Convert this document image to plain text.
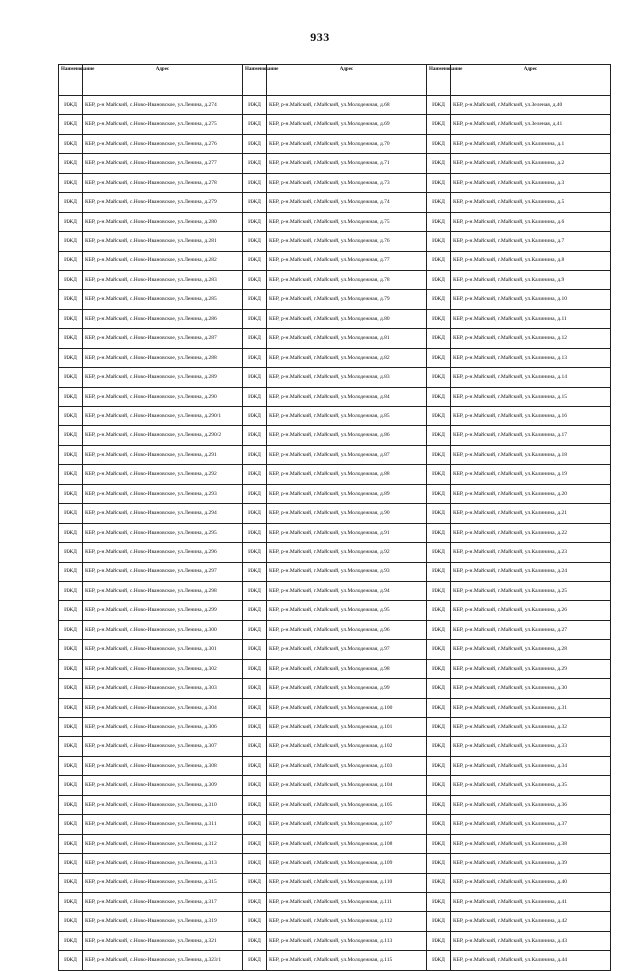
933
Наименование	Адрес	Наименование	Адрес	Наименование	Адрес
ИЖД	КБР, р-н Майский, с.Ново-Ивановское, ул.Ленина, д.274	ИЖД	КБР, р-н.Майский, г.Майский, ул.Молодежная, д.68	ИЖД	КБР, р-н.Майский, г.Майский, ул.Зеленая, д.40
ИЖД	КБР, р-н.Майский, с.Ново-Ивановское, ул.Ленина, д.275	ИЖД	КБР, р-н.Майский, г.Майский, ул.Молодежная, д.69	ИЖД	КБР, р-н.Майский, г.Майский, ул.Зеленая, д.41
ИЖД	КБР, р-н.Майский, с.Ново-Ивановское, ул.Ленина, д.276	ИЖД	КБР, р-н.Майский, г.Майский, ул.Молодежная, д.70	ИЖД	КБР, р-н.Майский, г.Майский, ул.Калинина, д.1
ИЖД	КБР, р-н.Майский, с.Ново-Ивановское, ул.Ленина, д.277	ИЖД	КБР, р-н.Майский, г.Майский, ул.Молодежная, д.71	ИЖД	КБР, р-н.Майский, г.Майский, ул.Калинина, д.2
ИЖД	КБР, р-н.Майский, с.Ново-Ивановское, ул.Ленина, д.278	ИЖД	КБР, р-н.Майский, г.Майский, ул.Молодежная, д.73	ИЖД	КБР, р-н.Майский, г.Майский, ул.Калинина, д.3
ИЖД	КБР, р-н.Майский, с.Ново-Ивановское, ул.Ленина, д.279	ИЖД	КБР, р-н.Майский, г.Майский, ул.Молодежная, д.74	ИЖД	КБР, р-н.Майский, г.Майский, ул.Калинина, д.5
ИЖД	КБР, р-н.Майский, с.Ново-Ивановское, ул.Ленина, д.280	ИЖД	КБР, р-н.Майский, г.Майский, ул.Молодежная, д.75	ИЖД	КБР, р-н.Майский, г.Майский, ул.Калинина, д.6
ИЖД	КБР, р-н.Майский, с.Ново-Ивановское, ул.Ленина, д.281	ИЖД	КБР, р-н.Майский, г.Майский, ул.Молодежная, д.76	ИЖД	КБР, р-н.Майский, г.Майский, ул.Калинина, д.7
ИЖД	КБР, р-н.Майский, с.Ново-Ивановское, ул.Ленина, д.282	ИЖД	КБР, р-н.Майский, г.Майский, ул.Молодежная, д.77	ИЖД	КБР, р-н.Майский, г.Майский, ул.Калинина, д.8
ИЖД	КБР, р-н.Майский, с.Ново-Ивановское, ул.Ленина, д.283	ИЖД	КБР, р-н.Майский, г.Майский, ул.Молодежная, д.78	ИЖД	КБР, р-н.Майский, г.Майский, ул.Калинина, д.9
ИЖД	КБР, р-н.Майский, с.Ново-Ивановское, ул.Ленина, д.285	ИЖД	КБР, р-н.Майский, г.Майский, ул.Молодежная, д.79	ИЖД	КБР, р-н.Майский, г.Майский, ул.Калинина, д.10
ИЖД	КБР, р-н.Майский, с.Ново-Ивановское, ул.Ленина, д.286	ИЖД	КБР, р-н.Майский, г.Майский, ул.Молодежная, д.80	ИЖД	КБР, р-н.Майский, г.Майский, ул.Калинина, д.11
ИЖД	КБР, р-н.Майский, с.Ново-Ивановское, ул.Ленина, д.287	ИЖД	КБР, р-н.Майский, г.Майский, ул.Молодежная, д.81	ИЖД	КБР, р-н.Майский, г.Майский, ул.Калинина, д.12
ИЖД	КБР, р-н.Майский, с.Ново-Ивановское, ул.Ленина, д.288	ИЖД	КБР, р-н.Майский, г.Майский, ул.Молодежная, д.82	ИЖД	КБР, р-н.Майский, г.Майский, ул.Калинина, д.13
ИЖД	КБР, р-н.Майский, с.Ново-Ивановское, ул.Ленина, д.289	ИЖД	КБР, р-н.Майский, г.Майский, ул.Молодежная, д.83	ИЖД	КБР, р-н.Майский, г.Майский, ул.Калинина, д.14
ИЖД	КБР, р-н.Майский, с.Ново-Ивановское, ул.Ленина, д.290	ИЖД	КБР, р-н.Майский, г.Майский, ул.Молодежная, д.84	ИЖД	КБР, р-н.Майский, г.Майский, ул.Калинина, д.15
ИЖД	КБР, р-н.Майский, с.Ново-Ивановское, ул.Ленина, д.290/1	ИЖД	КБР, р-н.Майский, г.Майский, ул.Молодежная, д.85	ИЖД	КБР, р-н.Майский, г.Майский, ул.Калинина, д.16
ИЖД	КБР, р-н.Майский, с.Ново-Ивановское, ул.Ленина, д.290/2	ИЖД	КБР, р-н.Майский, г.Майский, ул.Молодежная, д.86	ИЖД	КБР, р-н.Майский, г.Майский, ул.Калинина, д.17
ИЖД	КБР, р-н.Майский, с.Ново-Ивановское, ул.Ленина, д.291	ИЖД	КБР, р-н.Майский, г.Майский, ул.Молодежная, д.87	ИЖД	КБР, р-н.Майский, г.Майский, ул.Калинина, д.18
ИЖД	КБР, р-н.Майский, с.Ново-Ивановское, ул.Ленина, д.292	ИЖД	КБР, р-н.Майский, г.Майский, ул.Молодежная, д.88	ИЖД	КБР, р-н.Майский, г.Майский, ул.Калинина, д.19
ИЖД	КБР, р-н.Майский, с.Ново-Ивановское, ул.Ленина, д.293	ИЖД	КБР, р-н.Майский, г.Майский, ул.Молодежная, д.89	ИЖД	КБР, р-н.Майский, г.Майский, ул.Калинина, д.20
ИЖД	КБР, р-н.Майский, с.Ново-Ивановское, ул.Ленина, д.294	ИЖД	КБР, р-н.Майский, г.Майский, ул.Молодежная, д.90	ИЖД	КБР, р-н.Майский, г.Майский, ул.Калинина, д.21
ИЖД	КБР, р-н.Майский, с.Ново-Ивановское, ул.Ленина, д.295	ИЖД	КБР, р-н.Майский, г.Майский, ул.Молодежная, д.91	ИЖД	КБР, р-н.Майский, г.Майский, ул.Калинина, д.22
ИЖД	КБР, р-н.Майский, с.Ново-Ивановское, ул.Ленина, д.296	ИЖД	КБР, р-н.Майский, г.Майский, ул.Молодежная, д.92	ИЖД	КБР, р-н.Майский, г.Майский, ул.Калинина, д.23
ИЖД	КБР, р-н.Майский, с.Ново-Ивановское, ул.Ленина, д.297	ИЖД	КБР, р-н.Майский, г.Майский, ул.Молодежная, д.93	ИЖД	КБР, р-н.Майский, г.Майский, ул.Калинина, д.24
ИЖД	КБР, р-н.Майский, с.Ново-Ивановское, ул.Ленина, д.298	ИЖД	КБР, р-н.Майский, г.Майский, ул.Молодежная, д.94	ИЖД	КБР, р-н.Майский, г.Майский, ул.Калинина, д.25
ИЖД	КБР, р-н.Майский, с.Ново-Ивановское, ул.Ленина, д.299	ИЖД	КБР, р-н.Майский, г.Майский, ул.Молодежная, д.95	ИЖД	КБР, р-н.Майский, г.Майский, ул.Калинина, д.26
ИЖД	КБР, р-н.Майский, с.Ново-Ивановское, ул.Ленина, д.300	ИЖД	КБР, р-н.Майский, г.Майский, ул.Молодежная, д.96	ИЖД	КБР, р-н.Майский, г.Майский, ул.Калинина, д.27
ИЖД	КБР, р-н.Майский, с.Ново-Ивановское, ул.Ленина, д.301	ИЖД	КБР, р-н.Майский, г.Майский, ул.Молодежная, д.97	ИЖД	КБР, р-н.Майский, г.Майский, ул.Калинина, д.28
ИЖД	КБР, р-н.Майский, с.Ново-Ивановское, ул.Ленина, д.302	ИЖД	КБР, р-н.Майский, г.Майский, ул.Молодежная, д.98	ИЖД	КБР, р-н.Майский, г.Майский, ул.Калинина, д.29
ИЖД	КБР, р-н.Майский, с.Ново-Ивановское, ул.Ленина, д.303	ИЖД	КБР, р-н.Майский, г.Майский, ул.Молодежная, д.99	ИЖД	КБР, р-н.Майский, г.Майский, ул.Калинина, д.30
ИЖД	КБР, р-н.Майский, с.Ново-Ивановское, ул.Ленина, д.304	ИЖД	КБР, р-н.Майский, г.Майский, ул.Молодежная, д.100	ИЖД	КБР, р-н.Майский, г.Майский, ул.Калинина, д.31
ИЖД	КБР, р-н.Майский, с.Ново-Ивановское, ул.Ленина, д.306	ИЖД	КБР, р-н.Майский, г.Майский, ул.Молодежная, д.101	ИЖД	КБР, р-н.Майский, г.Майский, ул.Калинина, д.32
ИЖД	КБР, р-н.Майский, с.Ново-Ивановское, ул.Ленина, д.307	ИЖД	КБР, р-н.Майский, г.Майский, ул.Молодежная, д.102	ИЖД	КБР, р-н.Майский, г.Майский, ул.Калинина, д.33
ИЖД	КБР, р-н.Майский, с.Ново-Ивановское, ул.Ленина, д.308	ИЖД	КБР, р-н.Майский, г.Майский, ул.Молодежная, д.103	ИЖД	КБР, р-н.Майский, г.Майский, ул.Калинина, д.34
ИЖД	КБР, р-н.Майский, с.Ново-Ивановское, ул.Ленина, д.309	ИЖД	КБР, р-н.Майский, г.Майский, ул.Молодежная, д.104	ИЖД	КБР, р-н.Майский, г.Майский, ул.Калинина, д.35
ИЖД	КБР, р-н.Майский, с.Ново-Ивановское, ул.Ленина, д.310	ИЖД	КБР, р-н.Майский, г.Майский, ул.Молодежная, д.105	ИЖД	КБР, р-н.Майский, г.Майский, ул.Калинина, д.36
ИЖД	КБР, р-н.Майский, с.Ново-Ивановское, ул.Ленина, д.311	ИЖД	КБР, р-н.Майский, г.Майский, ул.Молодежная, д.107	ИЖД	КБР, р-н.Майский, г.Майский, ул.Калинина, д.37
ИЖД	КБР, р-н.Майский, с.Ново-Ивановское, ул.Ленина, д.312	ИЖД	КБР, р-н.Майский, г.Майский, ул.Молодежная, д.108	ИЖД	КБР, р-н.Майский, г.Майский, ул.Калинина, д.38
ИЖД	КБР, р-н.Майский, с.Ново-Ивановское, ул.Ленина, д.313	ИЖД	КБР, р-н.Майский, г.Майский, ул.Молодежная, д.109	ИЖД	КБР, р-н.Майский, г.Майский, ул.Калинина, д.39
ИЖД	КБР, р-н.Майский, с.Ново-Ивановское, ул.Ленина, д.315	ИЖД	КБР, р-н.Майский, г.Майский, ул.Молодежная, д.110	ИЖД	КБР, р-н.Майский, г.Майский, ул.Калинина, д.40
ИЖД	КБР, р-н.Майский, с.Ново-Ивановское, ул.Ленина, д.317	ИЖД	КБР, р-н.Майский, г.Майский, ул.Молодежная, д.111	ИЖД	КБР, р-н.Майский, г.Майский, ул.Калинина, д.41
ИЖД	КБР, р-н.Майский, с.Ново-Ивановское, ул.Ленина, д.319	ИЖД	КБР, р-н.Майский, г.Майский, ул.Молодежная, д.112	ИЖД	КБР, р-н.Майский, г.Майский, ул.Калинина, д.42
ИЖД	КБР, р-н.Майский, с.Ново-Ивановское, ул.Ленина, д.321	ИЖД	КБР, р-н.Майский, г.Майский, ул.Молодежная, д.113	ИЖД	КБР, р-н.Майский, г.Майский, ул.Калинина, д.43
ИЖД	КБР, р-н.Майский, с.Ново-Ивановское, ул.Ленина, д.323/1	ИЖД	КБР, р-н.Майский, г.Майский, ул.Молодежная, д.115	ИЖД	КБР, р-н.Майский, г.Майский, ул.Калинина, д.44
